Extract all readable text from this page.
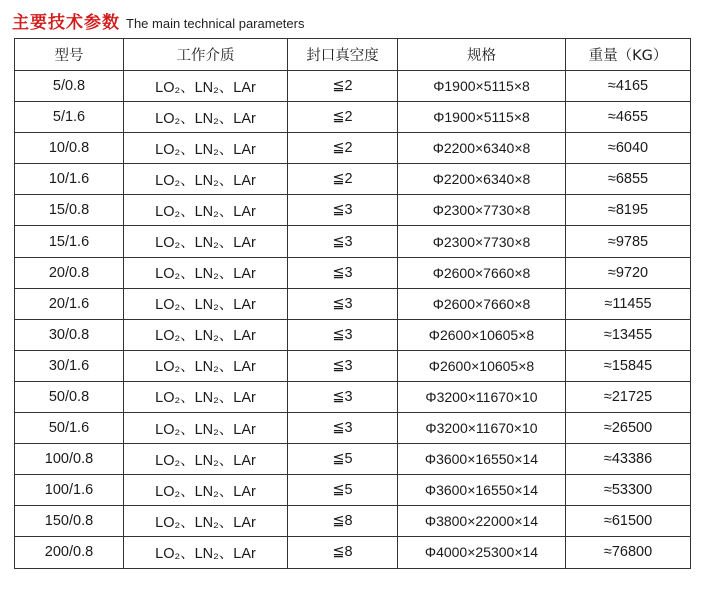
主要技术参数 The main technical parameters
型号	工作介质	封口真空度	规格	重量（KG）
5/0.8	LO₂、LN₂、LAr	≦2	Φ1900×5115×8	≈4165
5/1.6	LO₂、LN₂、LAr	≦2	Φ1900×5115×8	≈4655
10/0.8	LO₂、LN₂、LAr	≦2	Φ2200×6340×8	≈6040
10/1.6	LO₂、LN₂、LAr	≦2	Φ2200×6340×8	≈6855
15/0.8	LO₂、LN₂、LAr	≦3	Φ2300×7730×8	≈8195
15/1.6	LO₂、LN₂、LAr	≦3	Φ2300×7730×8	≈9785
20/0.8	LO₂、LN₂、LAr	≦3	Φ2600×7660×8	≈9720
20/1.6	LO₂、LN₂、LAr	≦3	Φ2600×7660×8	≈11455
30/0.8	LO₂、LN₂、LAr	≦3	Φ2600×10605×8	≈13455
30/1.6	LO₂、LN₂、LAr	≦3	Φ2600×10605×8	≈15845
50/0.8	LO₂、LN₂、LAr	≦3	Φ3200×11670×10	≈21725
50/1.6	LO₂、LN₂、LAr	≦3	Φ3200×11670×10	≈26500
100/0.8	LO₂、LN₂、LAr	≦5	Φ3600×16550×14	≈43386
100/1.6	LO₂、LN₂、LAr	≦5	Φ3600×16550×14	≈53300
150/0.8	LO₂、LN₂、LAr	≦8	Φ3800×22000×14	≈61500
200/0.8	LO₂、LN₂、LAr	≦8	Φ4000×25300×14	≈76800
